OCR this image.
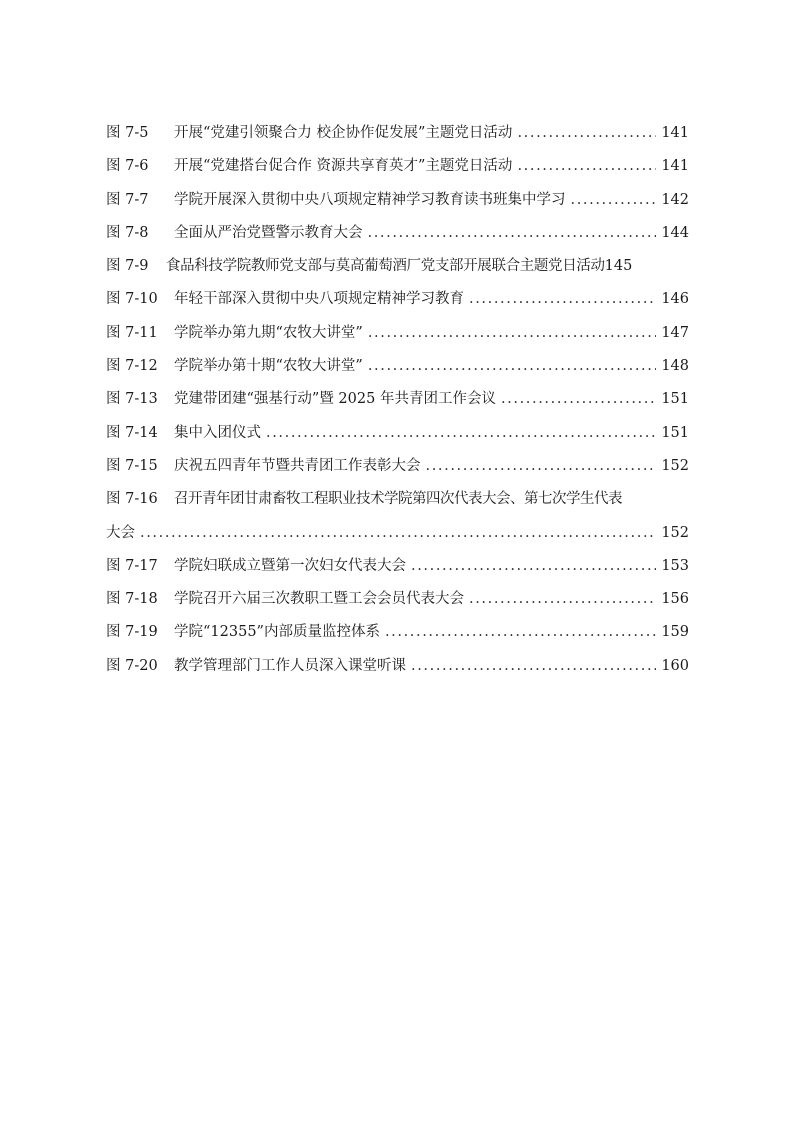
图 7-5	开展“党建引领聚合力 校企协作促发展”主题党日活动 .....	141
图 7-6	开展“党建搭台促合作 资源共享育英才”主题党日活动 .....	141
图 7-7	学院开展深入贯彻中央八项规定精神学习教育读书班集中学习 .....	142
图 7-8	全面从严治党暨警示教育大会 .....	144
图 7-9	食品科技学院教师党支部与莫高葡萄酒厂党支部开展联合主题党日活动 145
图 7-10	年轻干部深入贯彻中央八项规定精神学习教育 .....	146
图 7-11	学院举办第九期“农牧大讲堂” .....	147
图 7-12	学院举办第十期“农牧大讲堂” .....	148
图 7-13	党建带团建“强基行动”暨 2025 年共青团工作会议 .....	151
图 7-14	集中入团仪式 .....	151
图 7-15	庆祝五四青年节暨共青团工作表彰大会 .....	152
图 7-16 召开青年团甘肃畜牧工程职业技术学院第四次代表大会、第七次学生代表
大会 .....	152
图 7-17	学院妇联成立暨第一次妇女代表大会 .....	153
图 7-18	学院召开六届三次教职工暨工会会员代表大会 .....	156
图 7-19	学院“12355”内部质量监控体系 .....	159
图 7-20	教学管理部门工作人员深入课堂听课 .....	160
